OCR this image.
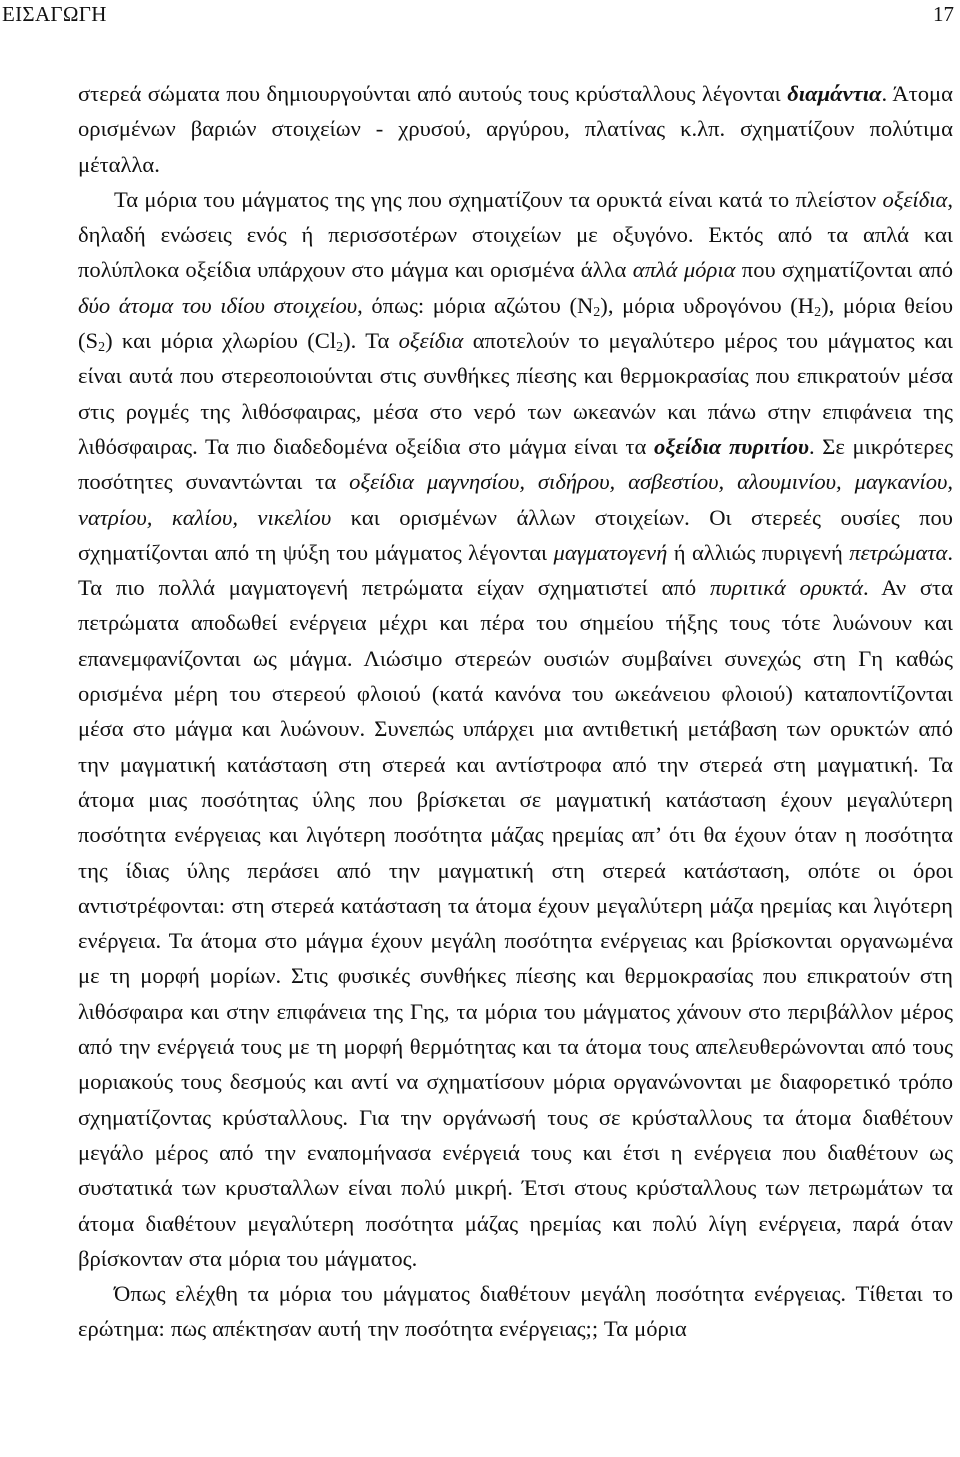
ΕΙΣΑΓΩΓΗ	17

στερεά σώματα που δημιουργούνται από αυτούς τους κρύσταλλους λέγονται διαμάντια. Άτομα ορισμένων βαριών στοιχείων - χρυσού, αργύρου, πλατίνας κ.λπ. σχηματίζουν πολύτιμα μέταλλα.

Τα μόρια του μάγματος της γης που σχηματίζουν τα ορυκτά είναι κατά το πλείστον οξείδια, δηλαδή ενώσεις ενός ή περισσοτέρων στοιχείων με οξυγόνο. Εκτός από τα απλά και πολύπλοκα οξείδια υπάρχουν στο μάγμα και ορισμένα άλλα απλά μόρια που σχηματίζονται από δύο άτομα του ιδίου στοιχείου, όπως: μόρια αζώτου $(N_2)$, μόρια υδρογόνου $(H_2)$, μόρια θείου $(S_2)$ και μόρια χλωρίου $(Cl_2)$. Τα οξείδια αποτελούν το μεγαλύτερο μέρος του μάγματος και είναι αυτά που στερεοποιούνται στις συνθήκες πίεσης και θερμοκρασίας που επικρατούν μέσα στις ρογμές της λιθόσφαιρας, μέσα στο νερό των ωκεανών και πάνω στην επιφάνεια της λιθόσφαιρας. Τα πιο διαδεδομένα οξείδια στο μάγμα είναι τα οξείδια πυριτίου. Σε μικρότερες ποσότητες συναντώνται τα οξείδια μαγνησίου, σιδήρου, ασβεστίου, αλουμινίου, μαγκανίου, νατρίου, καλίου, νικελίου και ορισμένων άλλων στοιχείων. Οι στερεές ουσίες που σχηματίζονται από τη ψύξη του μάγματος λέγονται μαγματογενή ή αλλιώς πυριγενή πετρώματα. Τα πιο πολλά μαγματογενή πετρώματα είχαν σχηματιστεί από πυριτικά ορυκτά. Αν στα πετρώματα αποδωθεί ενέργεια μέχρι και πέρα του σημείου τήξης τους τότε λυώνουν και επανεμφανίζονται ως μάγμα. Λιώσιμο στερεών ουσιών συμβαίνει συνεχώς στη Γη καθώς ορισμένα μέρη του στερεού φλοιού (κατά κανόνα του ωκεάνειου φλοιού) καταποντίζονται μέσα στο μάγμα και λυώνουν. Συνεπώς υπάρχει μια αντιθετική μετάβαση των ορυκτών από την μαγματική κατάσταση στη στερεά και αντίστροφα από την στερεά στη μαγματική. Τα άτομα μιας ποσότητας ύλης που βρίσκεται σε μαγματική κατάσταση έχουν μεγαλύτερη ποσότητα ενέργειας και λιγότερη ποσότητα μάζας ηρεμίας απ’ ότι θα έχουν όταν η ποσότητα της ίδιας ύλης περάσει από την μαγματική στη στερεά κατάσταση, οπότε οι όροι αντιστρέφονται: στη στερεά κατάσταση τα άτομα έχουν μεγαλύτερη μάζα ηρεμίας και λιγότερη ενέργεια. Τα άτομα στο μάγμα έχουν μεγάλη ποσότητα ενέργειας και βρίσκονται οργανωμένα με τη μορφή μορίων. Στις φυσικές συνθήκες πίεσης και θερμοκρασίας που επικρατούν στη λιθόσφαιρα και στην επιφάνεια της Γης, τα μόρια του μάγματος χάνουν στο περιβάλλον μέρος από την ενέργειά τους με τη μορφή θερμότητας και τα άτομα τους απελευθερώνονται από τους μοριακούς τους δεσμούς και αντί να σχηματίσουν μόρια οργανώνονται με διαφορετικό τρόπο σχηματίζοντας κρύσταλλους. Για την οργάνωσή τους σε κρύσταλλους τα άτομα διαθέτουν μεγάλο μέρος από την εναπομήνασα ενέργειά τους και έτσι η ενέργεια που διαθέτουν ως συστατικά των κρυσταλλων είναι πολύ μικρή. Έτσι στους κρύσταλλους των πετρωμάτων τα άτομα διαθέτουν μεγαλύτερη ποσότητα μάζας ηρεμίας και πολύ λίγη ενέργεια, παρά όταν βρίσκονταν στα μόρια του μάγματος.

Όπως ελέχθη τα μόρια του μάγματος διαθέτουν μεγάλη ποσότητα ενέργειας. Τίθεται το ερώτημα: πως απέκτησαν αυτή την ποσότητα ενέργειας;; Τα μόρια
